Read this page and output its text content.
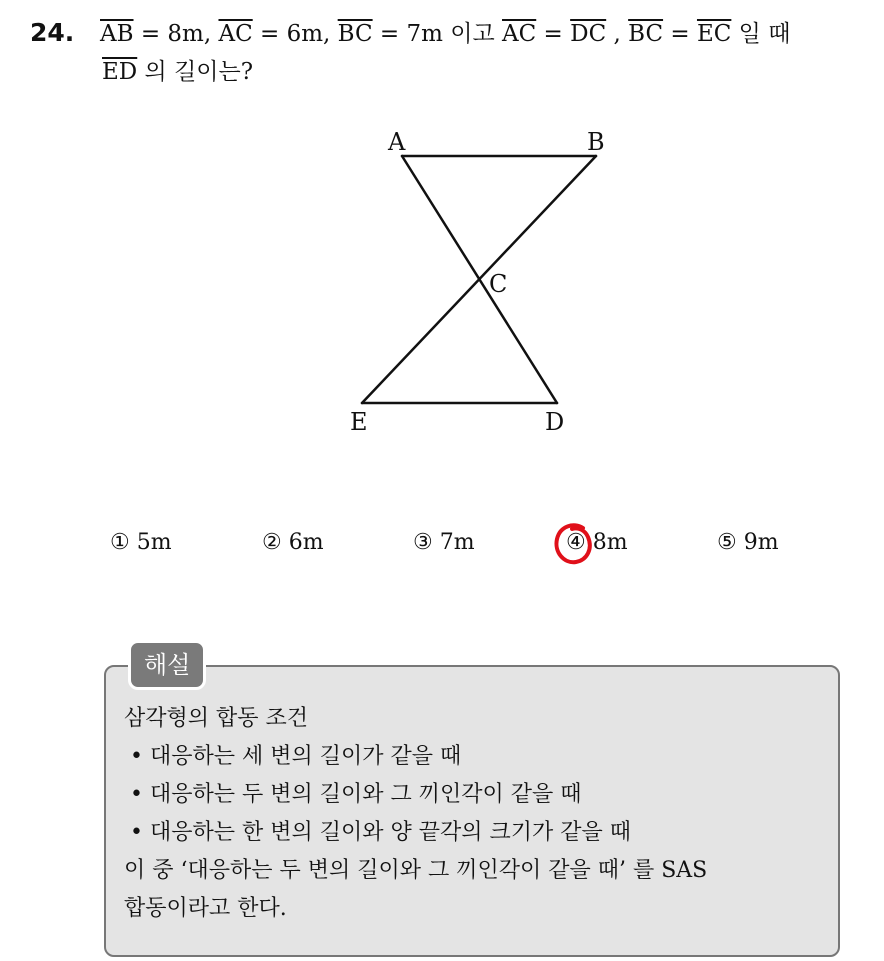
24. $\overline{AB} = 8m$, $\overline{AC} = 6m$, $\overline{BC} = 7m$ 이고 $\overline{AC} = \overline{DC}$ , $\overline{BC} = \overline{EC}$ 일 때
$\overline{ED}$ 의 길이는?
A	B
C
E	D
① 5m	② 6m	③ 7m	④ 8m	⑤ 9m
해설
삼각형의 합동 조건
• 대응하는 세 변의 길이가 같을 때
• 대응하는 두 변의 길이와 그 끼인각이 같을 때
• 대응하는 한 변의 길이와 양 끝각의 크기가 같을 때
이 중 ‘대응하는 두 변의 길이와 그 끼인각이 같을 때’ 를 SAS
합동이라고 한다.
